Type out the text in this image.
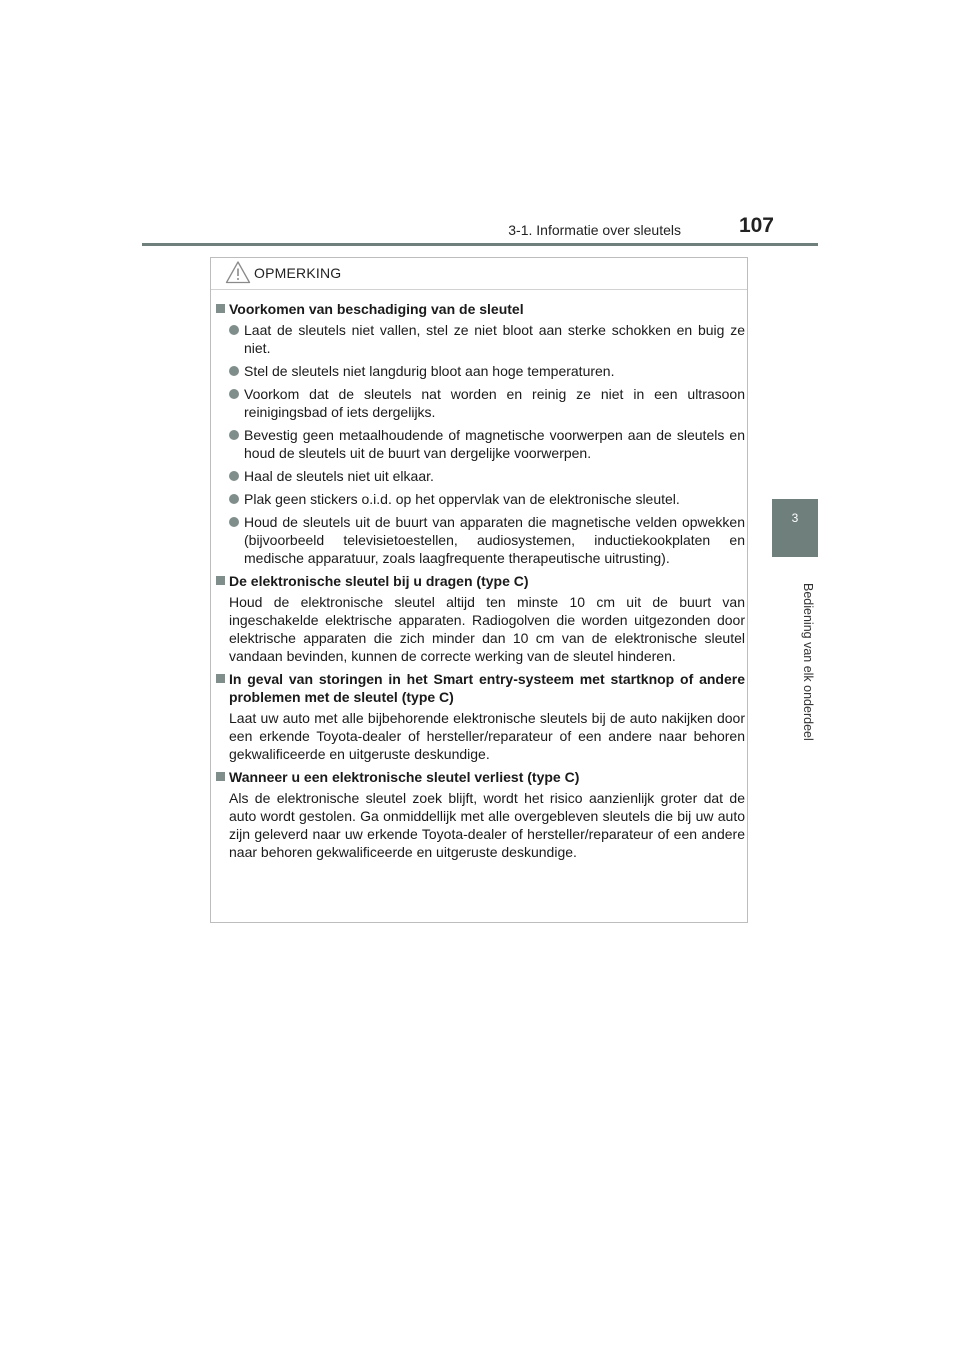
3-1. Informatie over sleutels	107
3
Bediening van elk onderdeel
OPMERKING
Voorkomen van beschadiging van de sleutel
Laat de sleutels niet vallen, stel ze niet bloot aan sterke schokken en buig ze niet.
Stel de sleutels niet langdurig bloot aan hoge temperaturen.
Voorkom dat de sleutels nat worden en reinig ze niet in een ultrasoon reinigingsbad of iets dergelijks.
Bevestig geen metaalhoudende of magnetische voorwerpen aan de sleutels en houd de sleutels uit de buurt van dergelijke voorwerpen.
Haal de sleutels niet uit elkaar.
Plak geen stickers o.i.d. op het oppervlak van de elektronische sleutel.
Houd de sleutels uit de buurt van apparaten die magnetische velden opwekken (bijvoorbeeld televisietoestellen, audiosystemen, inductiekookplaten en medische apparatuur, zoals laagfrequente therapeutische uitrusting).
De elektronische sleutel bij u dragen (type C)
Houd de elektronische sleutel altijd ten minste 10 cm uit de buurt van ingeschakelde elektrische apparaten. Radiogolven die worden uitgezonden door elektrische apparaten die zich minder dan 10 cm van de elektronische sleutel vandaan bevinden, kunnen de correcte werking van de sleutel hinderen.
In geval van storingen in het Smart entry-systeem met startknop of andere problemen met de sleutel (type C)
Laat uw auto met alle bijbehorende elektronische sleutels bij de auto nakijken door een erkende Toyota-dealer of hersteller/reparateur of een andere naar behoren gekwalificeerde en uitgeruste deskundige.
Wanneer u een elektronische sleutel verliest (type C)
Als de elektronische sleutel zoek blijft, wordt het risico aanzienlijk groter dat de auto wordt gestolen. Ga onmiddellijk met alle overgebleven sleutels die bij uw auto zijn geleverd naar uw erkende Toyota-dealer of hersteller/reparateur of een andere naar behoren gekwalificeerde en uitgeruste deskundige.
